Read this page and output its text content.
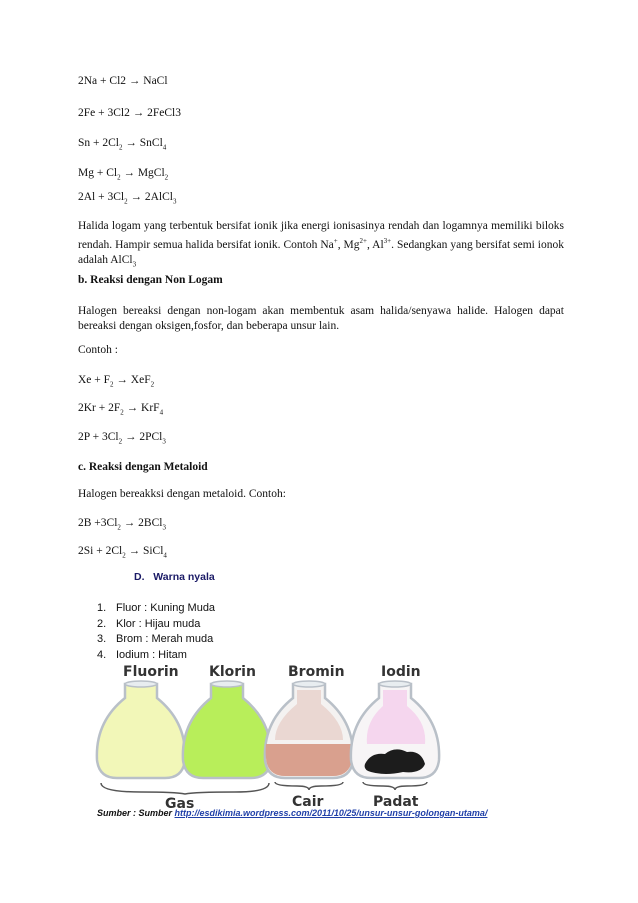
2Na + Cl2 → NaCl
2Fe + 3Cl2 → 2FeCl3
$Sn + 2Cl_2$ → SnCl$_4$
$Mg + Cl_2$ → MgCl$_2$
$2Al + 3Cl_2$ → 2AlCl$_3$
Halida logam yang terbentuk bersifat ionik jika energi ionisasinya rendah dan logamnya memiliki biloks rendah. Hampir semua halida bersifat ionik. Contoh Na+, $Mg^{2+}$, $Al^{3+}$. Sedangkan yang bersifat semi ionok adalah AlCl$_3$
b. Reaksi dengan Non Logam
Halogen bereaksi dengan non-logam akan membentuk asam halida/senyawa halide. Halogen dapat bereaksi dengan oksigen,fosfor, dan beberapa unsur lain.
Contoh :
$Xe + F_2 \to XeF_2$
$2Kr + 2F_2 \to KrF_4$
$2P + 3Cl_2 \to 2PCl_3$
c. Reaksi dengan Metaloid
Halogen bereakksi dengan metaloid. Contoh:
$2B +3Cl_2 \to 2BCl_3$
$2Si + 2Cl_2$ → SiCl$_4$
D.   Warna nyala
1. Fluor : Kuning Muda
2. Klor : Hijau muda
3. Brom : Merah muda
4. Iodium : Hitam
Fluorin Klorin Bromin	Iodin
Gas	Cair	Padat
Sumber : Sumber http://esdikimia.wordpress.com/2011/10/25/unsur-unsur-golongan-utama/
